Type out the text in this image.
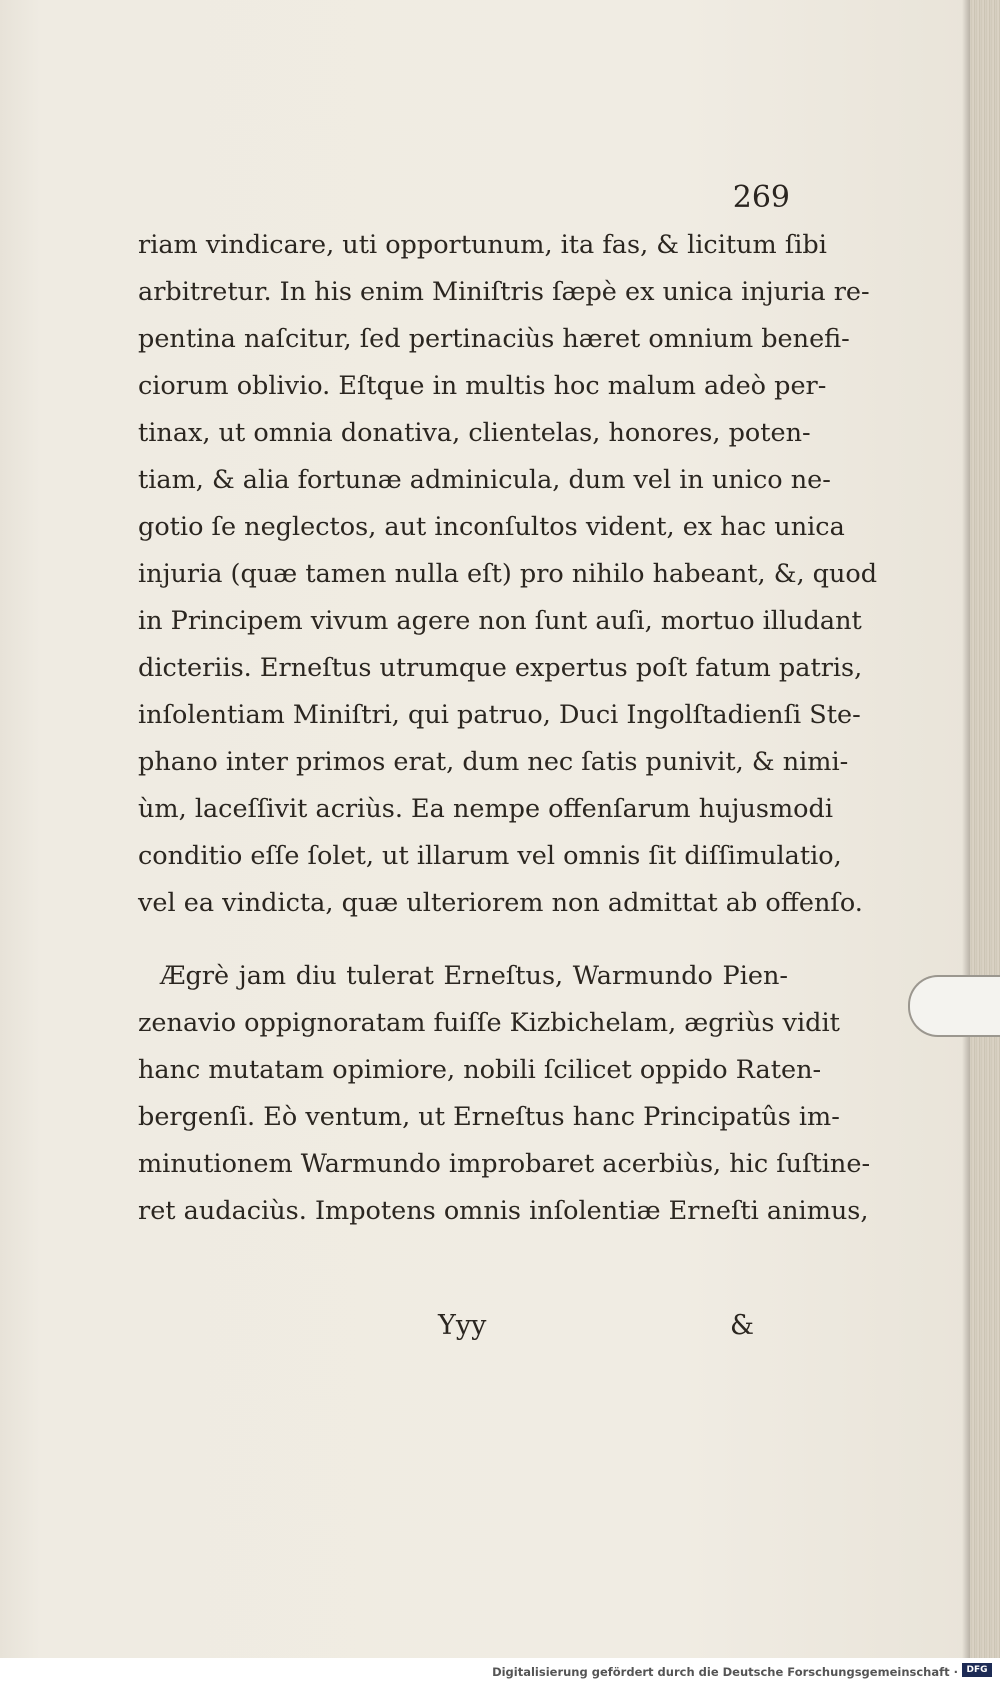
269
riam vindicare, uti opportunum, ita fas, & licitum ſibi
arbitretur. In his enim Miniſtris ſæpè ex unica injuria re-
pentina naſcitur, ſed pertinaciùs hæret omnium benefi-
ciorum oblivio. Eſtque in multis hoc malum adeò per-
tinax, ut omnia donativa, clientelas, honores, poten-
tiam, & alia fortunæ adminicula, dum vel in unico ne-
gotio ſe neglectos, aut inconſultos vident, ex hac unica
injuria (quæ tamen nulla eſt) pro nihilo habeant, &, quod
in Principem vivum agere non ſunt auſi, mortuo illudant
dicteriis. Erneſtus utrumque expertus poſt fatum patris,
inſolentiam Miniſtri, qui patruo, Duci Ingolſtadienſi Ste-
phano inter primos erat, dum nec ſatis punivit, & nimi-
ùm, laceſſivit acriùs. Ea nempe offenſarum hujusmodi
conditio eſſe ſolet, ut illarum vel omnis ſit diſſimulatio,
vel ea vindicta, quæ ulteriorem non admittat ab offenſo.
Ægrè jam diu tulerat Erneſtus, Warmundo Pien-
zenavio oppignoratam fuiſſe Kizbichelam, ægriùs vidit
hanc mutatam opimiore, nobili ſcilicet oppido Raten-
bergenſi. Eò ventum, ut Erneſtus hanc Principatûs im-
minutionem Warmundo improbaret acerbiùs, hic ſuſtine-
ret audaciùs. Impotens omnis inſolentiæ Erneſti animus,
Yyy	&
Digitalisierung gefördert durch die Deutsche Forschungsgemeinschaft · DFG
